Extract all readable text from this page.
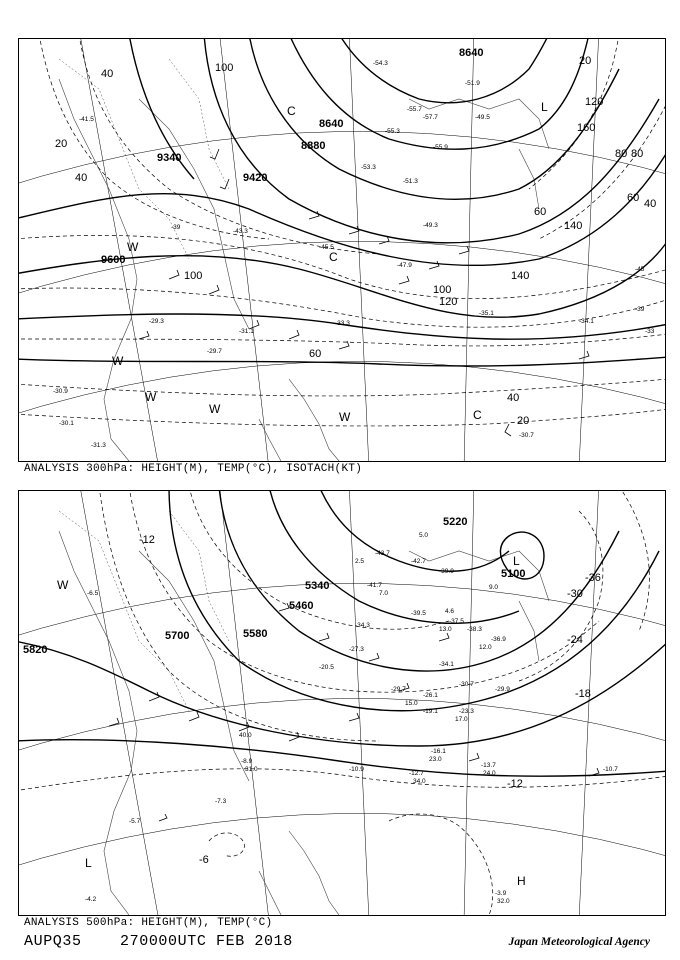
9600
9420
9340
8640
8880
8640
40
20
40
100
100	140
120
100
120
160
140
80
60
40
20
60
40
20
80
60
C
C
C
L
W
W
W
W
W
-39
-41.5
-43.3
-45.5
-47.9
-49.3
-51.3
-53.3
-54.3
-55.3
-55.7
-55.9
-57.7
-51.9
-49.5
-45
-39
-35.1
-34.1
-33.3
-33
-31.1
-30.9
-30.7
-30.1
-31.3
-29.7
-29.3
ANALYSIS 300hPa: HEIGHT(M), TEMP(°C), ISOTACH(KT)
5820
5700	5580
5460
5340
5220
5100
-12
-30
-36
-24
-18
-12
-6
W
L
H
L
-27.3
-29.7
-34.3
-37.5
-39.5
-42.7
-41.7
-43.7
-39.9
-38.3
-36.9
-34.1
-30.7
-29.9
-26.1
-23.3
-20.5
-19.1
-16.1
-13.7
-12.7
-10.7
-10.9
-8.9
-7.3
-6.5
-5.7
-4.2
-3.9
2.5
7.0
13.0
15.0
17.0
24.0
34.0
23.0
31.0
40.0
32.0
12.0
9.0
5.0
4.6
ANALYSIS 500hPa: HEIGHT(M), TEMP(°C)
AUPQ35	270000UTC FEB 2018	Japan Meteorological Agency
